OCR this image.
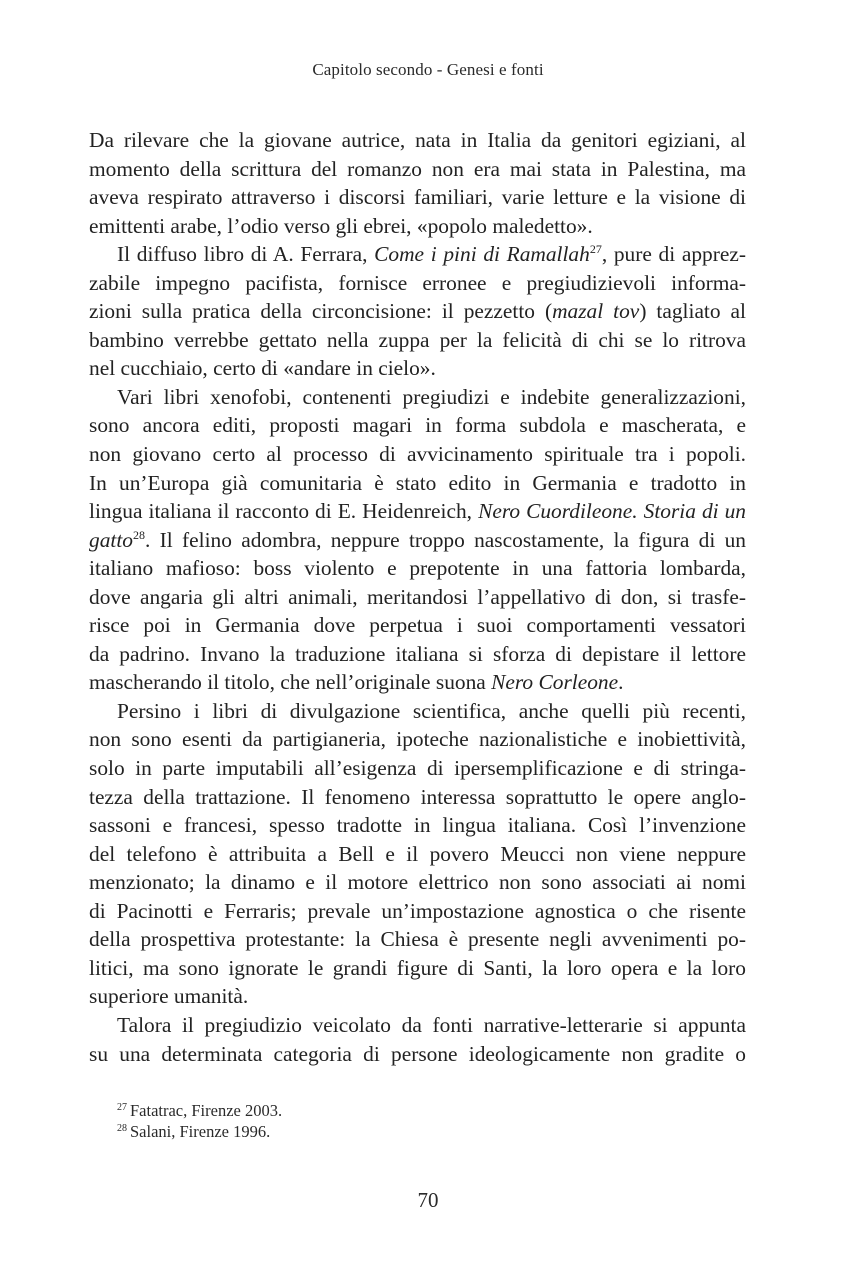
Capitolo secondo - Genesi e fonti
Da rilevare che la giovane autrice, nata in Italia da genitori egiziani, al
momento della scrittura del romanzo non era mai stata in Palestina, ma
aveva respirato attraverso i discorsi familiari, varie letture e la visione di
emittenti arabe, l’odio verso gli ebrei, «popolo maledetto».
Il diffuso libro di A. Ferrara, Come i pini di Ramallah$^{27}$, pure di apprez-
zabile impegno pacifista, fornisce erronee e pregiudizievoli informa-
zioni sulla pratica della circoncisione: il pezzetto (mazal tov) tagliato al
bambino verrebbe gettato nella zuppa per la felicità di chi se lo ritrova
nel cucchiaio, certo di «andare in cielo».
Vari libri xenofobi, contenenti pregiudizi e indebite generalizzazioni,
sono ancora editi, proposti magari in forma subdola e mascherata, e
non giovano certo al processo di avvicinamento spirituale tra i popoli.
In un’Europa già comunitaria è stato edito in Germania e tradotto in
lingua italiana il racconto di E. Heidenreich, Nero Cuordileone. Storia di un
gatto$^{28}$. Il felino adombra, neppure troppo nascostamente, la figura di un
italiano mafioso: boss violento e prepotente in una fattoria lombarda,
dove angaria gli altri animali, meritandosi l’appellativo di don, si trasfe-
risce poi in Germania dove perpetua i suoi comportamenti vessatori
da padrino. Invano la traduzione italiana si sforza di depistare il lettore
mascherando il titolo, che nell’originale suona Nero Corleone.
Persino i libri di divulgazione scientifica, anche quelli più recenti,
non sono esenti da partigianeria, ipoteche nazionalistiche e inobiettività,
solo in parte imputabili all’esigenza di ipersemplificazione e di stringa-
tezza della trattazione. Il fenomeno interessa soprattutto le opere anglo-
sassoni e francesi, spesso tradotte in lingua italiana. Così l’invenzione
del telefono è attribuita a Bell e il povero Meucci non viene neppure
menzionato; la dinamo e il motore elettrico non sono associati ai nomi
di Pacinotti e Ferraris; prevale un’impostazione agnostica o che risente
della prospettiva protestante: la Chiesa è presente negli avvenimenti po-
litici, ma sono ignorate le grandi figure di Santi, la loro opera e la loro
superiore umanità.
Talora il pregiudizio veicolato da fonti narrative-letterarie si appunta
su una determinata categoria di persone ideologicamente non gradite o
$^{27}$ Fatatrac, Firenze 2003.
$^{28}$ Salani, Firenze 1996.
70
